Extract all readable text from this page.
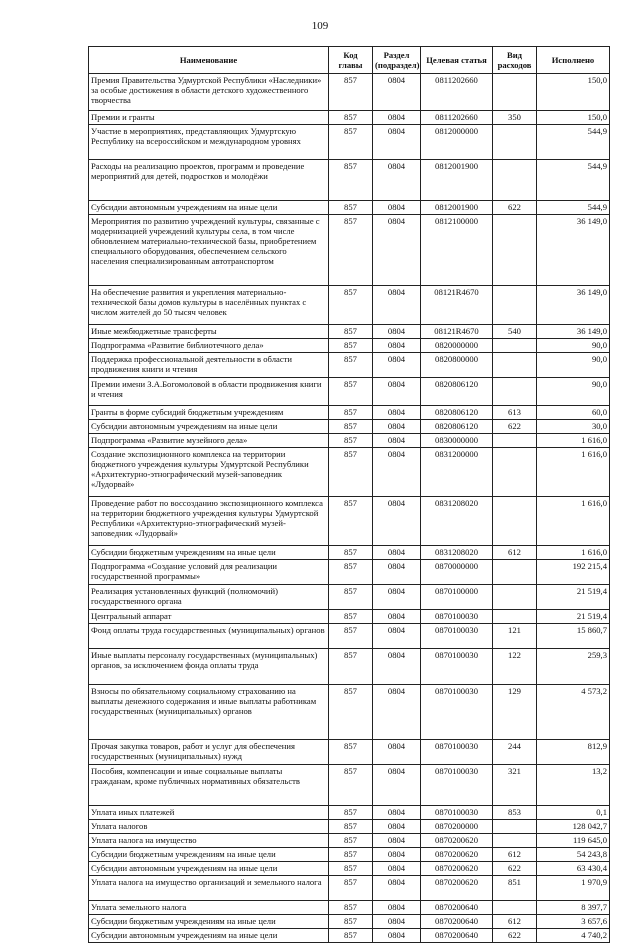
109
Наименование	Код главы	Раздел (подраздел)	Целевая статья	Вид расходов	Исполнено
Премия Правительства Удмуртской Республики «Наследники» за особые достижения в области детского художественного творчества	857	0804	0811202660		150,0
Премии и гранты	857	0804	0811202660	350	150,0
Участие в мероприятиях, представляющих Удмуртскую Республику на всероссийском и международном уровнях	857	0804	0812000000		544,9
Расходы на реализацию проектов, программ и проведение мероприятий для детей, подростков и молодёжи	857	0804	0812001900		544,9
Субсидии автономным учреждениям на иные цели	857	0804	0812001900	622	544,9
Мероприятия по развитию учреждений культуры, связанные с модернизацией учреждений культуры села, в том числе обновлением материально-технической базы, приобретением специального оборудования, обеспечением сельского населения специализированным автотранспортом	857	0804	0812100000		36 149,0
На обеспечение развития и укрепления материально-технической базы домов культуры в населённых пунктах с числом жителей до 50 тысяч человек	857	0804	08121R4670		36 149,0
Иные межбюджетные трансферты	857	0804	08121R4670	540	36 149,0
Подпрограмма «Развитие библиотечного дела»	857	0804	0820000000		90,0
Поддержка профессиональной деятельности в области продвижения книги и чтения	857	0804	0820800000		90,0
Премии имени З.А.Богомоловой в области продвижения книги и чтения	857	0804	0820806120		90,0
Гранты в форме субсидий бюджетным учреждениям	857	0804	0820806120	613	60,0
Субсидии автономным учреждениям на иные цели	857	0804	0820806120	622	30,0
Подпрограмма «Развитие музейного дела»	857	0804	0830000000		1 616,0
Создание экспозиционного комплекса на территории бюджетного учреждения культуры Удмуртской Республики «Архитектурно-этнографический музей-заповедник «Лудорвай»	857	0804	0831200000		1 616,0
Проведение работ по воссозданию экспозиционного комплекса на территории бюджетного учреждения культуры Удмуртской Республики «Архитектурно-этнографический музей-заповедник «Лудорвай»	857	0804	0831208020		1 616,0
Субсидии бюджетным учреждениям на иные цели	857	0804	0831208020	612	1 616,0
Подпрограмма «Создание условий для реализации государственной программы»	857	0804	0870000000		192 215,4
Реализация установленных функций (полномочий) государственного органа	857	0804	0870100000		21 519,4
Центральный аппарат	857	0804	0870100030		21 519,4
Фонд оплаты труда государственных (муниципальных) органов	857	0804	0870100030	121	15 860,7
Иные выплаты персоналу государственных (муниципальных) органов, за исключением фонда оплаты труда	857	0804	0870100030	122	259,3
Взносы по обязательному социальному страхованию на выплаты денежного содержания и иные выплаты работникам государственных (муниципальных) органов	857	0804	0870100030	129	4 573,2
Прочая закупка товаров, работ и услуг для обеспечения государственных (муниципальных) нужд	857	0804	0870100030	244	812,9
Пособия, компенсации и иные социальные выплаты гражданам, кроме публичных нормативных обязательств	857	0804	0870100030	321	13,2
Уплата иных платежей	857	0804	0870100030	853	0,1
Уплата налогов	857	0804	0870200000		128 042,7
Уплата налога на имущество	857	0804	0870200620		119 645,0
Субсидии бюджетным учреждениям на иные цели	857	0804	0870200620	612	54 243,8
Субсидии автономным учреждениям на иные цели	857	0804	0870200620	622	63 430,4
Уплата налога на имущество организаций и земельного налога	857	0804	0870200620	851	1 970,9
Уплата земельного налога	857	0804	0870200640		8 397,7
Субсидии бюджетным учреждениям на иные цели	857	0804	0870200640	612	3 657,6
Субсидии автономным учреждениям на иные цели	857	0804	0870200640	622	4 740,2
